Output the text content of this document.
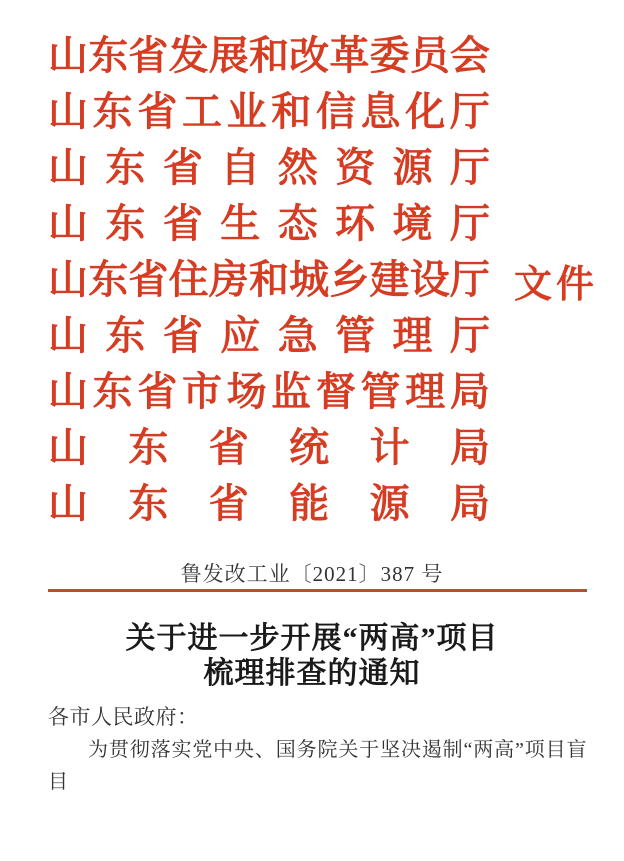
山 东 省 发 展 和 改 革 委 员 会
山 东 省 工 业 和 信 息 化 厅
山 东 省 自 然 资 源 厅
山 东 省 生 态 环 境 厅
山 东 省 住 房 和 城 乡 建 设 厅
山 东 省 应 急 管 理 厅
山 东 省 市 场 监 督 管 理 局
山 东 省 统 计 局
山 东 省 能 源 局
文件
鲁发改工业〔2021〕387 号
关于进一步开展“两高”项目
梳理排查的通知
各市人民政府：
为贯彻落实党中央、国务院关于坚决遏制“两高”项目盲目
